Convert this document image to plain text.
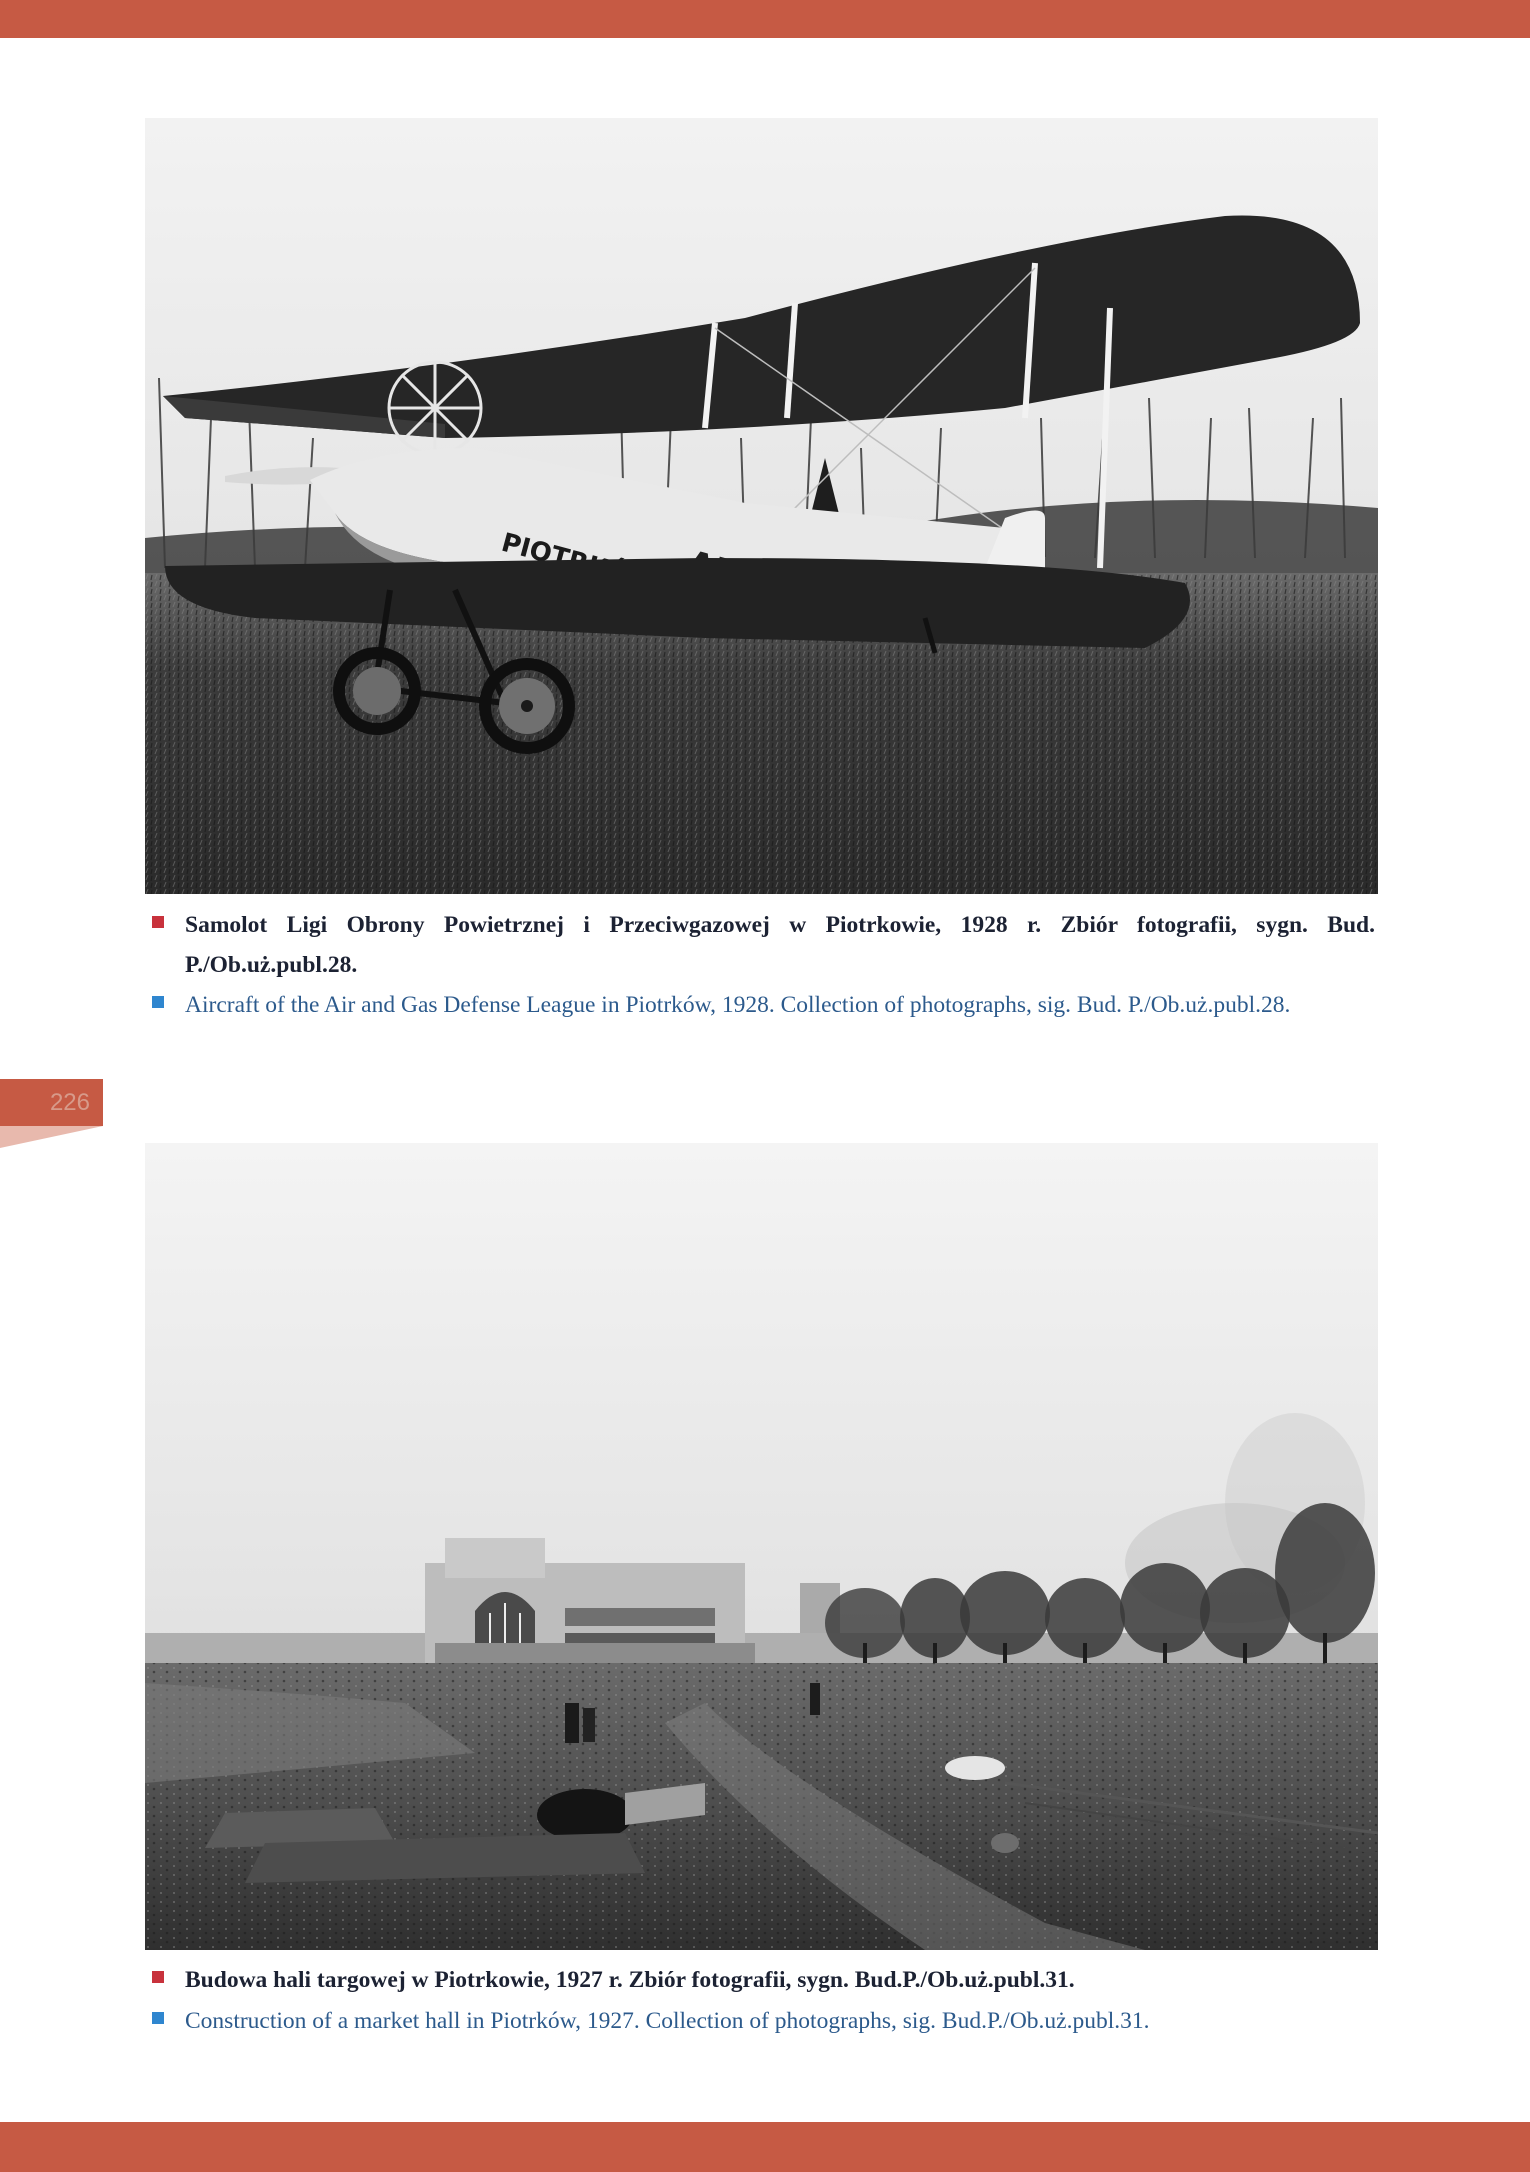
226
Samolot Ligi Obrony Powietrznej i Przeciwgazowej w Piotrkowie, 1928 r. Zbiór fotografii, sygn. Bud. P./Ob.uż.publ.28.
Aircraft of the Air and Gas Defense League in Piotrków, 1928. Collection of photographs, sig. Bud. P./Ob.uż.publ.28.
Budowa hali targowej w Piotrkowie, 1927 r. Zbiór fotografii, sygn. Bud.P./Ob.uż.publ.31.
Construction of a market hall in Piotrków, 1927. Collection of photographs, sig. Bud.P./Ob.uż.publ.31.
